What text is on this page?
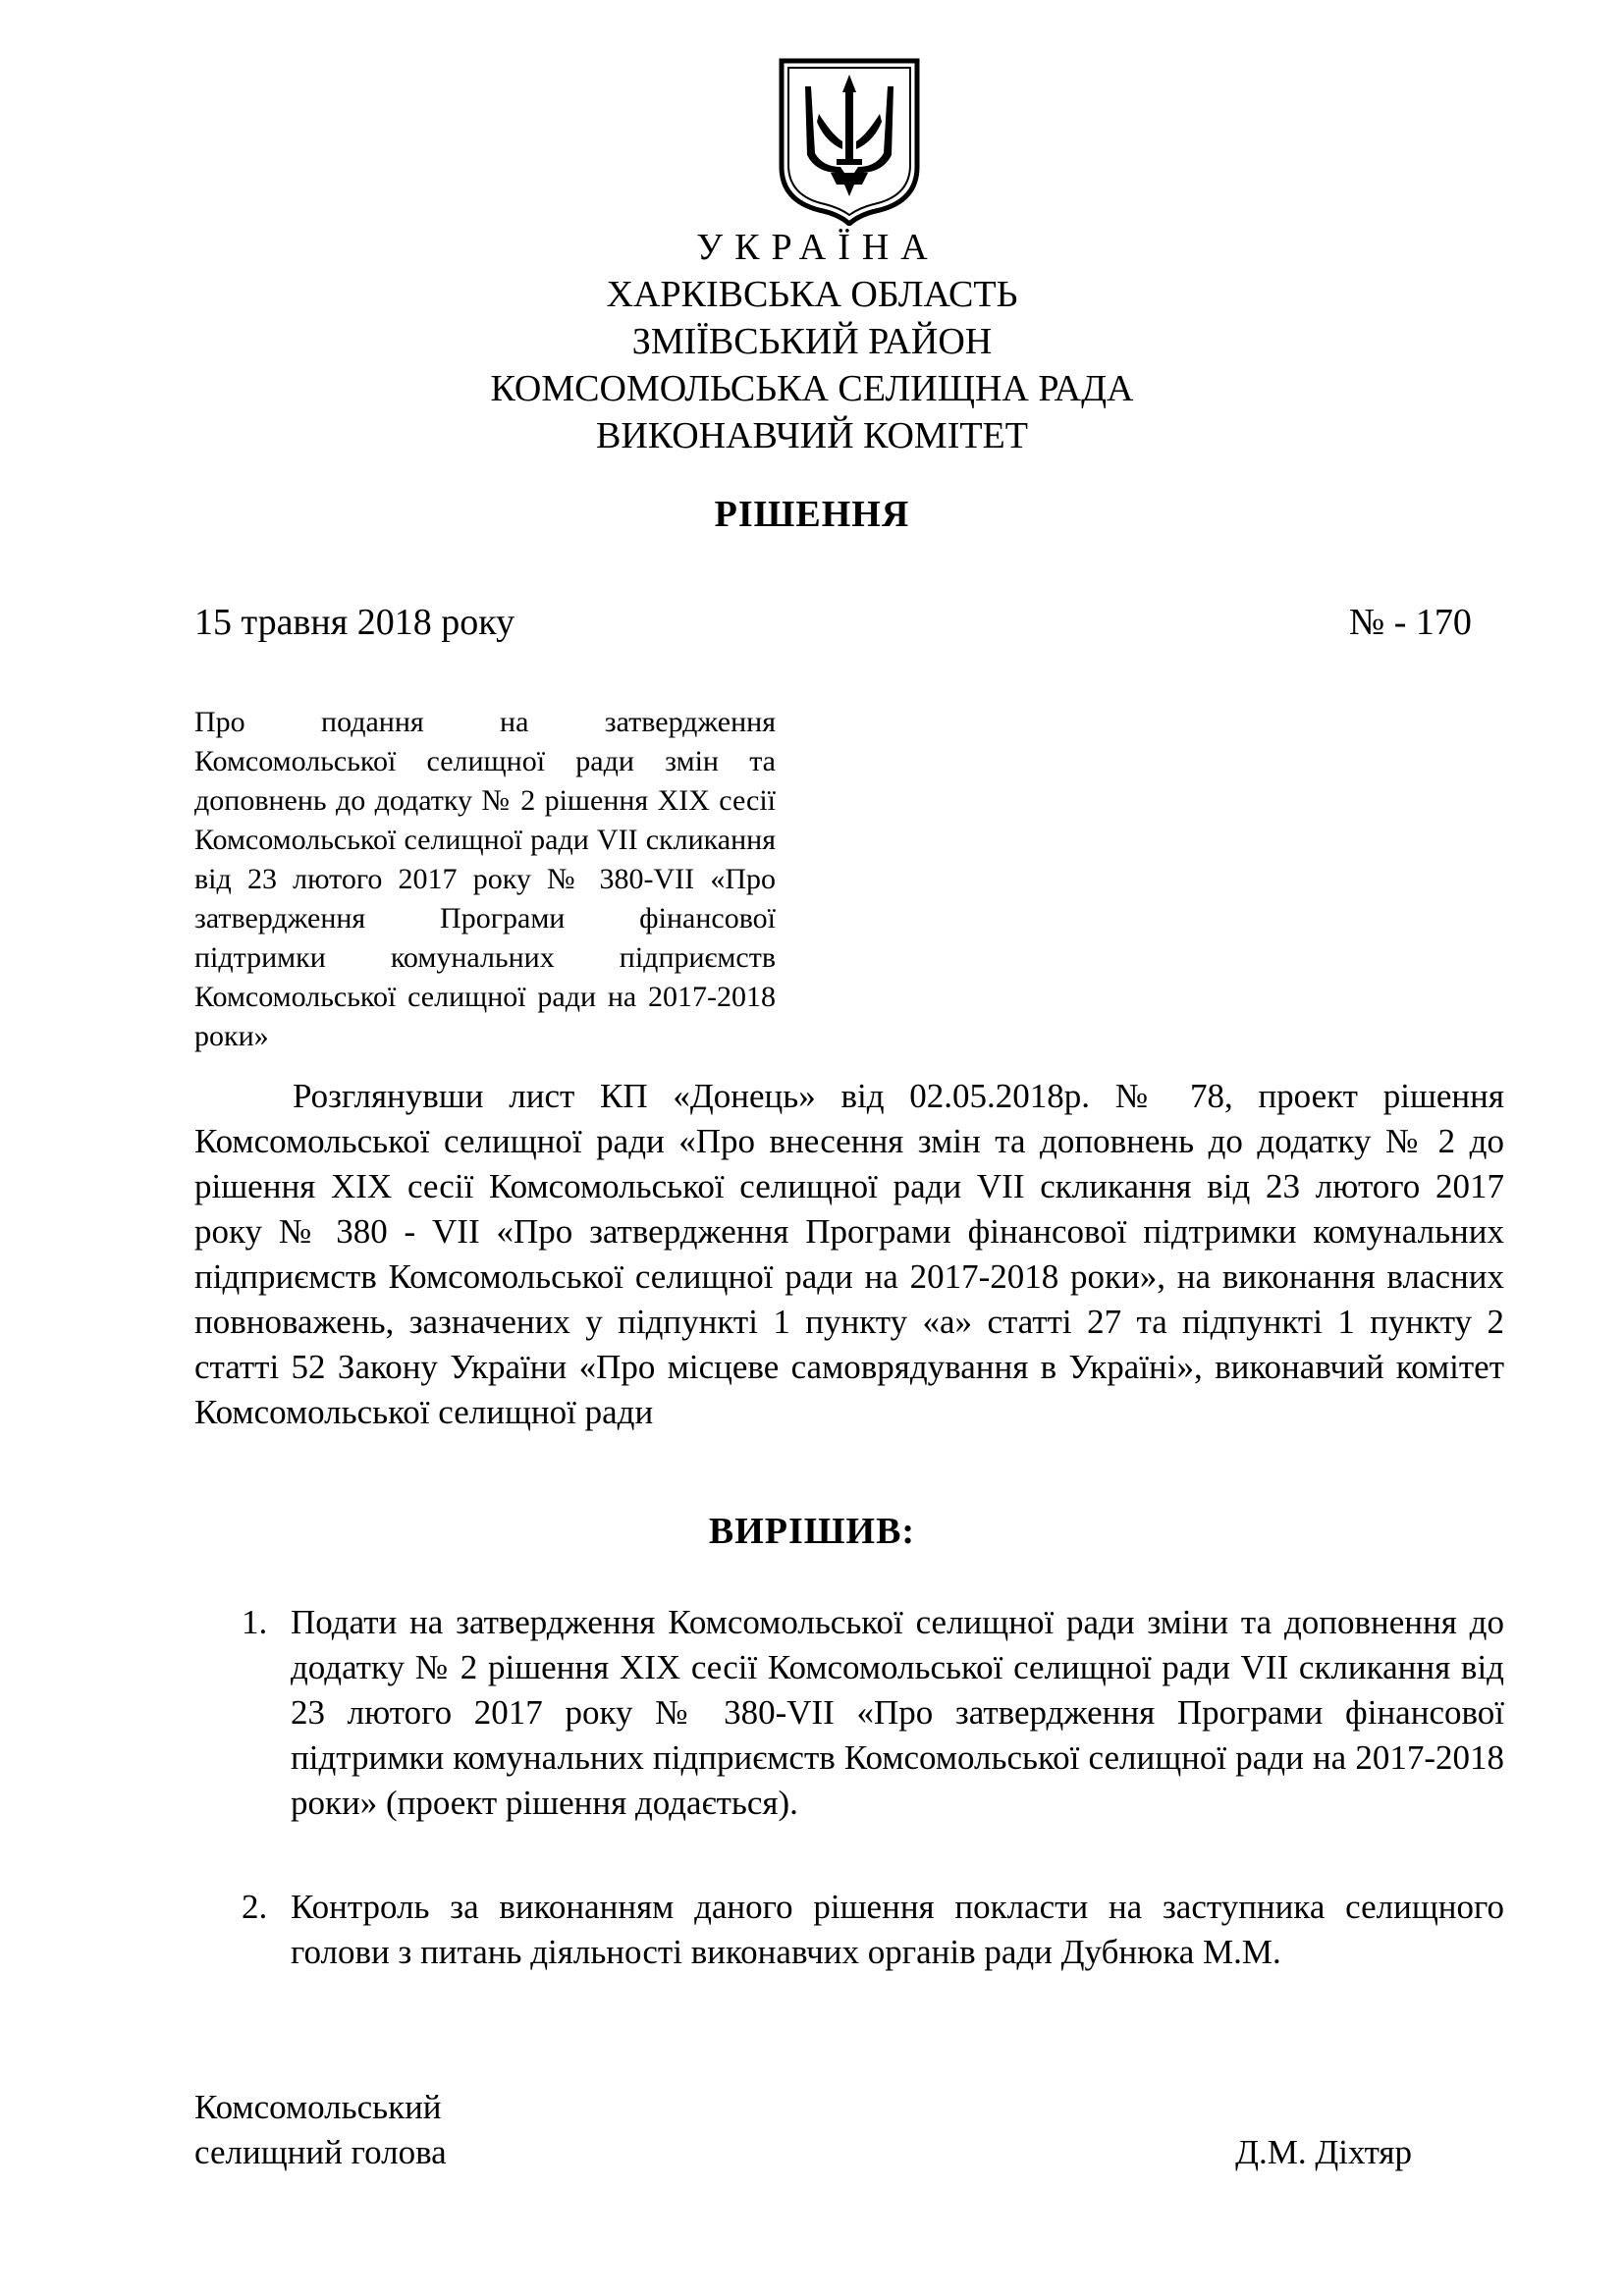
УКРАЇНА
ХАРКІВСЬКА ОБЛАСТЬ
ЗМІЇВСЬКИЙ РАЙОН
КОМСОМОЛЬСЬКА СЕЛИЩНА РАДА
ВИКОНАВЧИЙ КОМІТЕТ
РІШЕННЯ
15 травня 2018 року	№ - 170
Про подання на затвердження Комсомольської селищної ради змін та доповнень до додатку № 2 рішення XIX сесії Комсомольської селищної ради VII скликання від 23 лютого 2017 року № 380-VII «Про затвердження Програми фінансової підтримки комунальних підприємств Комсомольської селищної ради на 2017-2018 роки»
Розглянувши лист КП «Донець» від 02.05.2018р. № 78, проект рішення Комсомольської селищної ради «Про внесення змін та доповнень до додатку № 2 до рішення XIX сесії Комсомольської селищної ради VII скликання від 23 лютого 2017 року № 380 - VII «Про затвердження Програми фінансової підтримки комунальних підприємств Комсомольської селищної ради на 2017-2018 роки», на виконання власних повноважень, зазначених у підпункті 1 пункту «а» статті 27 та підпункті 1 пункту 2 статті 52 Закону України «Про місцеве самоврядування в Україні», виконавчий комітет Комсомольської селищної ради
ВИРІШИВ:
1. Подати на затвердження Комсомольської селищної ради зміни та доповнення до додатку № 2 рішення XIX сесії Комсомольської селищної ради VII скликання від 23 лютого 2017 року № 380-VII «Про затвердження Програми фінансової підтримки комунальних підприємств Комсомольської селищної ради на 2017-2018 роки» (проект рішення додається).
2. Контроль за виконанням даного рішення покласти на заступника селищного голови з питань діяльності виконавчих органів ради Дубнюка М.М.
Комсомольський
селищний голова	Д.М. Діхтяр
